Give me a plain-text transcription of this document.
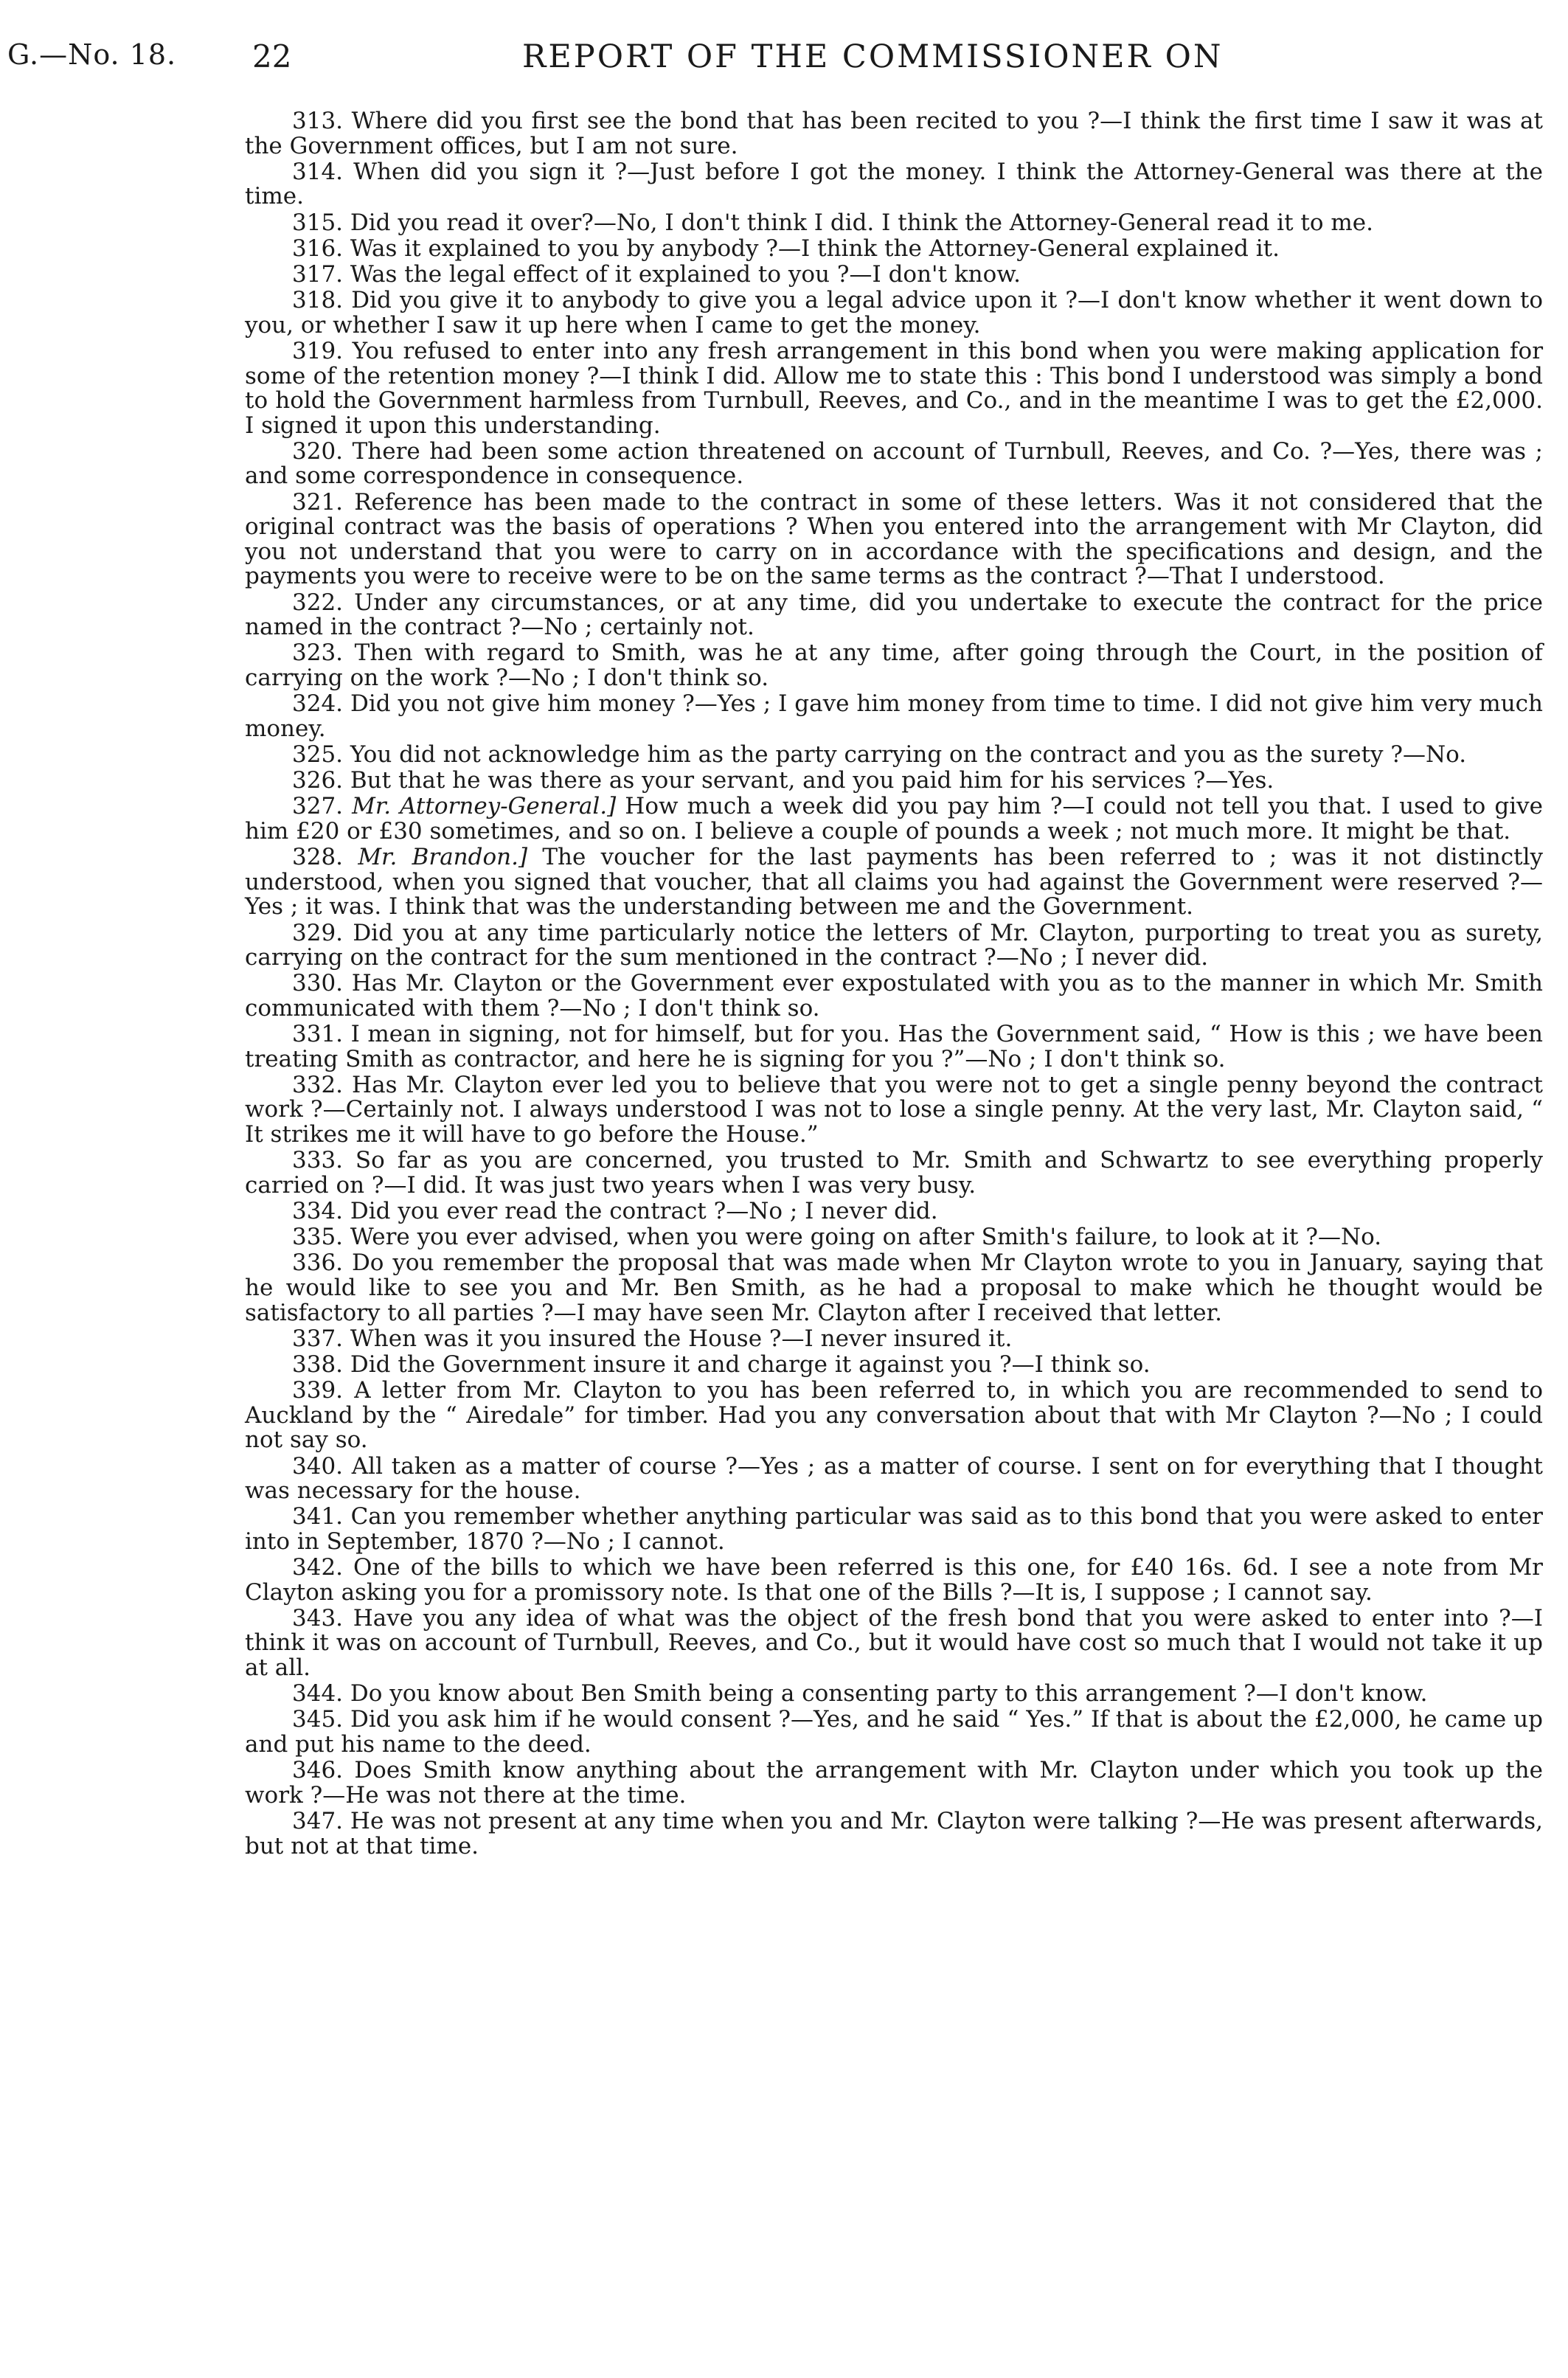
G.—No. 18. 22	REPORT OF THE COMMISSIONER ON

313. Where did you first see the bond that has been recited to you ?—I think the first time I saw it was at the Government offices, but I am not sure.

314. When did you sign it ?—Just before I got the money. I think the Attorney-General was there at the time.

315. Did you read it over?—No, I don't think I did. I think the Attorney-General read it to me.

316. Was it explained to you by anybody ?—I think the Attorney-General explained it.

317. Was the legal effect of it explained to you ?—I don't know.

318. Did you give it to anybody to give you a legal advice upon it ?—I don't know whether it went down to you, or whether I saw it up here when I came to get the money.

319. You refused to enter into any fresh arrangement in this bond when you were making application for some of the retention money ?—I think I did. Allow me to state this : This bond I understood was simply a bond to hold the Government harmless from Turnbull, Reeves, and Co., and in the meantime I was to get the £2,000. I signed it upon this understanding.

320. There had been some action threatened on account of Turnbull, Reeves, and Co. ?—Yes, there was ; and some correspondence in consequence.

321. Reference has been made to the contract in some of these letters. Was it not considered that the original contract was the basis of operations ? When you entered into the arrangement with Mr Clayton, did you not understand that you were to carry on in accordance with the specifications and design, and the payments you were to receive were to be on the same terms as the contract ?—That I understood.

322. Under any circumstances, or at any time, did you undertake to execute the contract for the price named in the contract ?—No ; certainly not.

323. Then with regard to Smith, was he at any time, after going through the Court, in the position of carrying on the work ?—No ; I don't think so.

324. Did you not give him money ?—Yes ; I gave him money from time to time. I did not give him very much money.

325. You did not acknowledge him as the party carrying on the contract and you as the surety ?—No.

326. But that he was there as your servant, and you paid him for his services ?—Yes.

327. Mr. Attorney-General.] How much a week did you pay him ?—I could not tell you that. I used to give him £20 or £30 sometimes, and so on. I believe a couple of pounds a week ; not much more. It might be that.

328. Mr. Brandon.] The voucher for the last payments has been referred to ; was it not distinctly understood, when you signed that voucher, that all claims you had against the Government were reserved ?—Yes ; it was. I think that was the understanding between me and the Government.

329. Did you at any time particularly notice the letters of Mr. Clayton, purporting to treat you as surety, carrying on the contract for the sum mentioned in the contract ?—No ; I never did.

330. Has Mr. Clayton or the Government ever expostulated with you as to the manner in which Mr. Smith communicated with them ?—No ; I don't think so.

331. I mean in signing, not for himself, but for you. Has the Government said, “ How is this ; we have been treating Smith as contractor, and here he is signing for you ?”—No ; I don't think so.

332. Has Mr. Clayton ever led you to believe that you were not to get a single penny beyond the contract work ?—Certainly not. I always understood I was not to lose a single penny. At the very last, Mr. Clayton said, “ It strikes me it will have to go before the House.”

333. So far as you are concerned, you trusted to Mr. Smith and Schwartz to see everything properly carried on ?—I did. It was just two years when I was very busy.

334. Did you ever read the contract ?—No ; I never did.

335. Were you ever advised, when you were going on after Smith's failure, to look at it ?—No.

336. Do you remember the proposal that was made when Mr Clayton wrote to you in January, saying that he would like to see you and Mr. Ben Smith, as he had a proposal to make which he thought would be satisfactory to all parties ?—I may have seen Mr. Clayton after I received that letter.

337. When was it you insured the House ?—I never insured it.

338. Did the Government insure it and charge it against you ?—I think so.

339. A letter from Mr. Clayton to you has been referred to, in which you are recommended to send to Auckland by the “ Airedale” for timber. Had you any conversation about that with Mr Clayton ?—No ; I could not say so.

340. All taken as a matter of course ?—Yes ; as a matter of course. I sent on for everything that I thought was necessary for the house.

341. Can you remember whether anything particular was said as to this bond that you were asked to enter into in September, 1870 ?—No ; I cannot.

342. One of the bills to which we have been referred is this one, for £40 16s. 6d. I see a note from Mr Clayton asking you for a promissory note. Is that one of the Bills ?—It is, I suppose ; I cannot say.

343. Have you any idea of what was the object of the fresh bond that you were asked to enter into ?—I think it was on account of Turnbull, Reeves, and Co., but it would have cost so much that I would not take it up at all.

344. Do you know about Ben Smith being a consenting party to this arrangement ?—I don't know.

345. Did you ask him if he would consent ?—Yes, and he said “ Yes.” If that is about the £2,000, he came up and put his name to the deed.

346. Does Smith know anything about the arrangement with Mr. Clayton under which you took up the work ?—He was not there at the time.

347. He was not present at any time when you and Mr. Clayton were talking ?—He was present afterwards, but not at that time.
